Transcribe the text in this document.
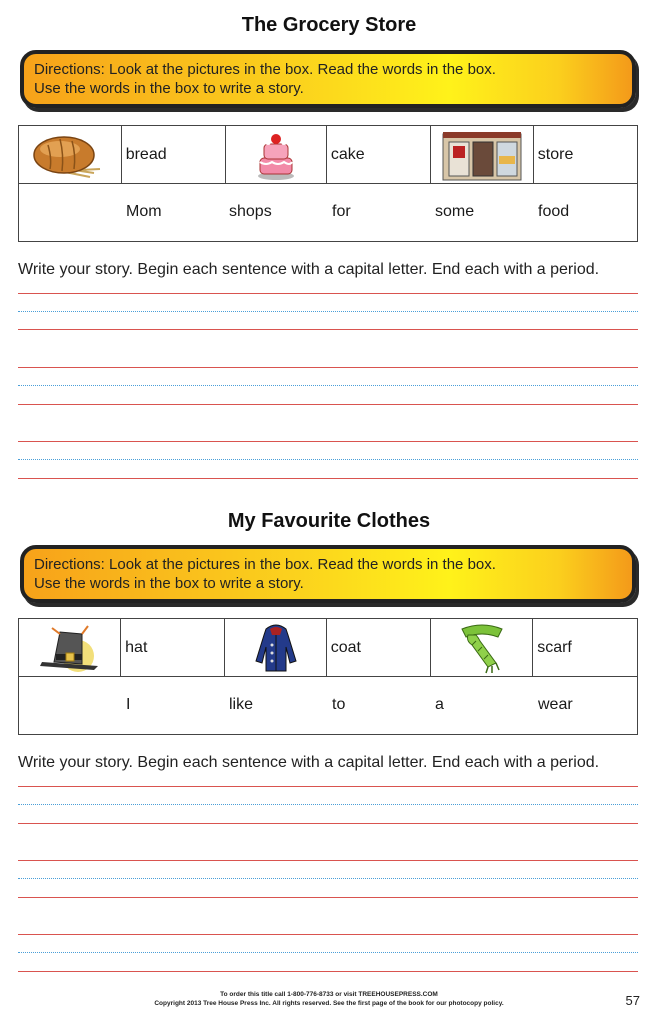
The Grocery Store
Directions: Look at the pictures in the box. Read the words in the box.
Use the words in the box to write a story.
	bread		cake		store

Mom	shops	for	some	food
Write your story. Begin each sentence with a capital letter. End each with a period.
My Favourite Clothes
Directions: Look at the pictures in the box. Read the words in the box.
Use the words in the box to write a story.
	hat		coat		scarf

I	like	to	a	wear
Write your story. Begin each sentence with a capital letter. End each with a period.
To order this title call 1-800-776-8733 or visit TREEHOUSEPRESS.COM
Copyright 2013 Tree House Press Inc. All rights reserved. See the first page of the book for our photocopy policy.	57
